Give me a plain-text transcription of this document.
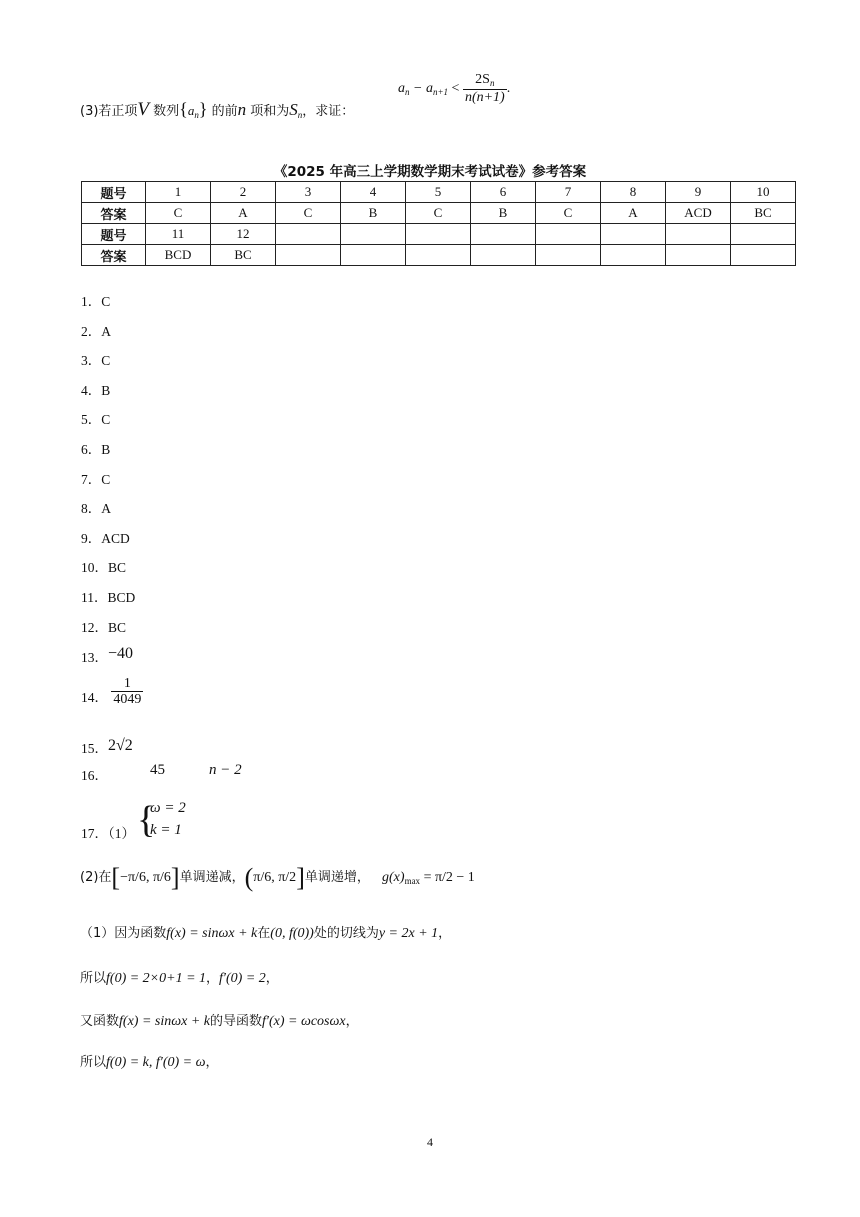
(3)若正项V 数列$\{a_n\}$ 的前n 项和为$S_n$，求证：
$a_n - a_{n+1} < \frac{2S_n}{n(n+1)}$ .
《2025 年高三上学期数学期末考试试卷》参考答案
题号	1	2	3	4	5	6	7	8	9	10
答案	C	A	C	B	C	B	C	A	ACD	BC
题号	11	12								
答案	BCD	BC								
1．C
2．A
3．C
4．B
5．C
6．B
7．C
8．A
9．ACD
10．BC
11．BCD
12．BC
13．−40
14． $\frac{1}{4049}$
15．2√2
16．	45	n − 2
17．（1） {
ω = 2
k = 1
(2)在[−π/6, π/6]单调递减，(π/6, π/2]单调递增， $g(x)_{max} = \pi/2 - 1$
（1）因为函数f(x) = sinωx + k在(0, f(0))处的切线为y = 2x + 1，
所以f(0) = 2×0+1 = 1，f′(0) = 2，
又函数f(x) = sinωx + k的导函数f′(x) = ωcosωx，
所以f(0) = k, f′(0) = ω，
4
